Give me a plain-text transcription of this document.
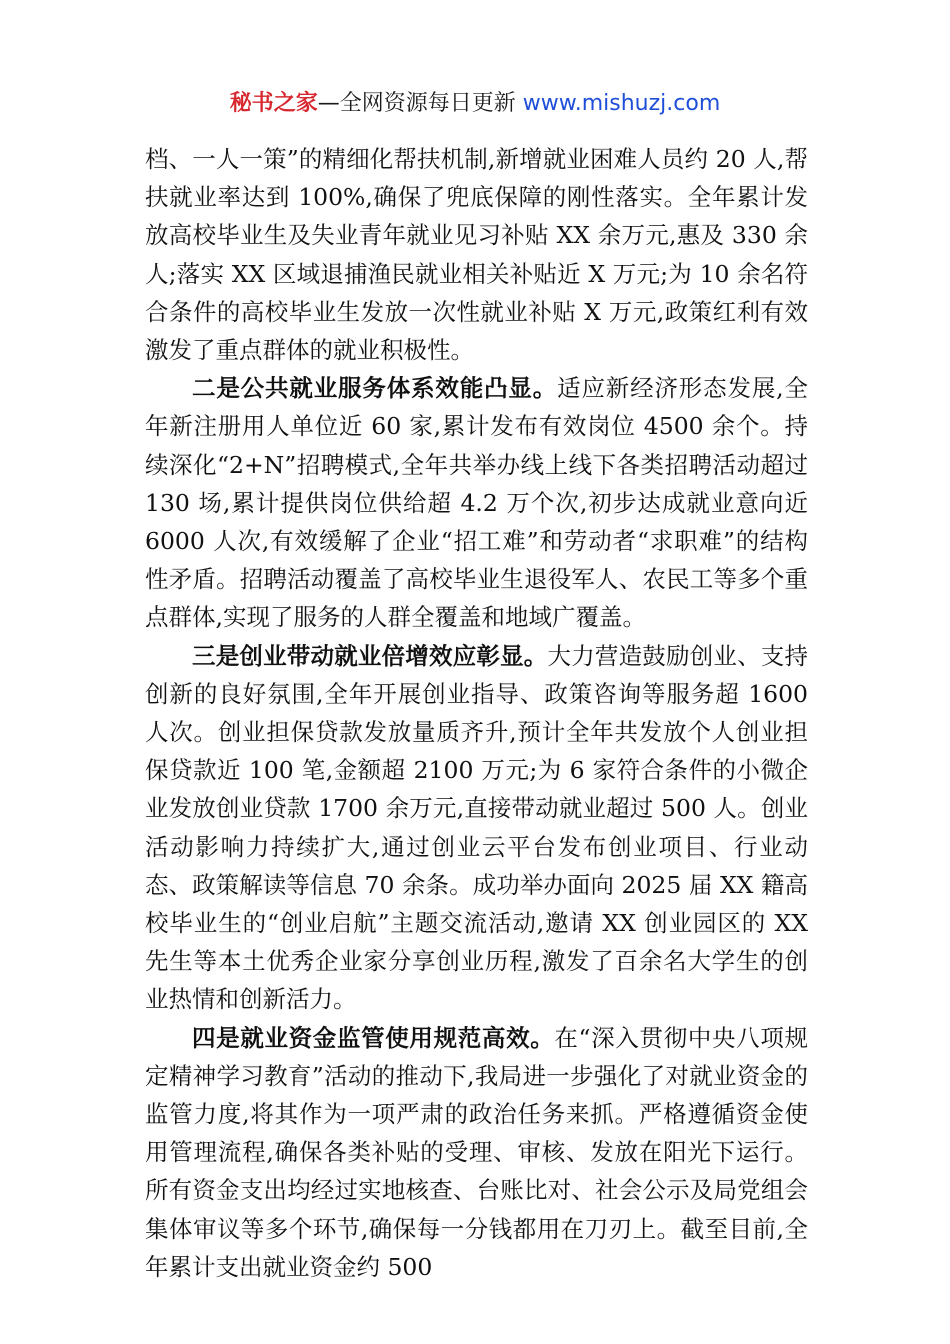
秘书之家—全网资源每日更新 www.mishuzj.com

档、一人一策”的精细化帮扶机制,新增就业困难人员约 20 人,帮扶就业率达到 100%,确保了兜底保障的刚性落实。全年累计发放高校毕业生及失业青年就业见习补贴 XX 余万元,惠及 330 余人;落实 XX 区域退捕渔民就业相关补贴近 X 万元;为 10 余名符合条件的高校毕业生发放一次性就业补贴 X 万元,政策红利有效激发了重点群体的就业积极性。

二是公共就业服务体系效能凸显。适应新经济形态发展,全年新注册用人单位近 60 家,累计发布有效岗位 4500 余个。持续深化“2+N”招聘模式,全年共举办线上线下各类招聘活动超过 130 场,累计提供岗位供给超 4.2 万个次,初步达成就业意向近 6000 人次,有效缓解了企业“招工难”和劳动者“求职难”的结构性矛盾。招聘活动覆盖了高校毕业生退役军人、农民工等多个重点群体,实现了服务的人群全覆盖和地域广覆盖。

三是创业带动就业倍增效应彰显。大力营造鼓励创业、支持创新的良好氛围,全年开展创业指导、政策咨询等服务超 1600 人次。创业担保贷款发放量质齐升,预计全年共发放个人创业担保贷款近 100 笔,金额超 2100 万元;为 6 家符合条件的小微企业发放创业贷款 1700 余万元,直接带动就业超过 500 人。创业活动影响力持续扩大,通过创业云平台发布创业项目、行业动态、政策解读等信息 70 余条。成功举办面向 2025 届 XX 籍高校毕业生的“创业启航”主题交流活动,邀请 XX 创业园区的 XX 先生等本土优秀企业家分享创业历程,激发了百余名大学生的创业热情和创新活力。

四是就业资金监管使用规范高效。在“深入贯彻中央八项规定精神学习教育”活动的推动下,我局进一步强化了对就业资金的监管力度,将其作为一项严肃的政治任务来抓。严格遵循资金使用管理流程,确保各类补贴的受理、审核、发放在阳光下运行。所有资金支出均经过实地核查、台账比对、社会公示及局党组会集体审议等多个环节,确保每一分钱都用在刀刃上。截至目前,全年累计支出就业资金约 500
